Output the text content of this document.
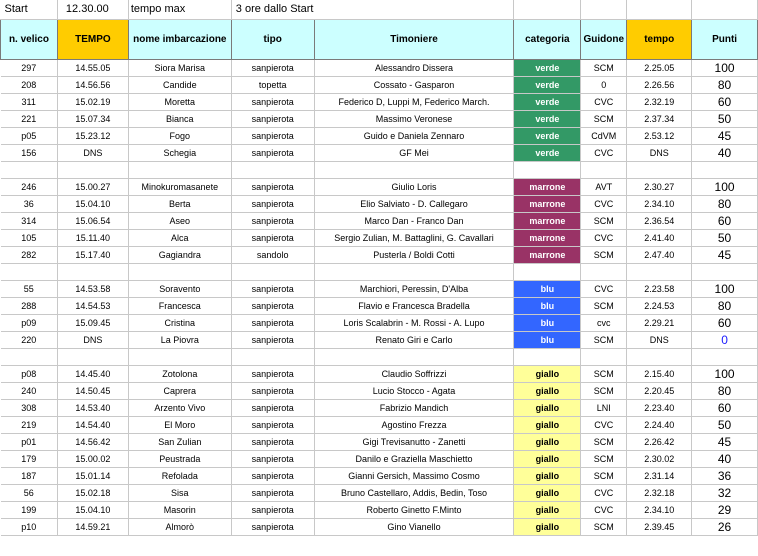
Start	12.30.00	tempo max	3 ore dallo Start					
n. velico	TEMPO	nome imbarcazione	tipo	Timoniere	categoria	Guidone	tempo	Punti
297	14.55.05	Siora Marisa	sanpierota	Alessandro Dissera	verde	SCM	2.25.05	100
208	14.56.56	Candide	topetta	Cossato - Gasparon	verde	0	2.26.56	80
311	15.02.19	Moretta	sanpierota	Federico D, Luppi M, Federico March.	verde	CVC	2.32.19	60
221	15.07.34	Bianca	sanpierota	Massimo Veronese	verde	SCM	2.37.34	50
p05	15.23.12	Fogo	sanpierota	Guido e Daniela Zennaro	verde	CdVM	2.53.12	45
156	DNS	Schegia	sanpierota	GF Mei	verde	CVC	DNS	40

246	15.00.27	Minokuromasanete	sanpierota	Giulio Loris	marrone	AVT	2.30.27	100
36	15.04.10	Berta	sanpierota	Elio Salviato - D. Callegaro	marrone	CVC	2.34.10	80
314	15.06.54	Aseo	sanpierota	Marco Dan - Franco Dan	marrone	SCM	2.36.54	60
105	15.11.40	Alca	sanpierota	Sergio Zulian, M. Battaglini, G. Cavallari	marrone	CVC	2.41.40	50
282	15.17.40	Gagiandra	sandolo	Pusterla / Boldi Cotti	marrone	SCM	2.47.40	45

55	14.53.58	Soravento	sanpierota	Marchiori, Peressin, D'Alba	blu	CVC	2.23.58	100
288	14.54.53	Francesca	sanpierota	Flavio e Francesca Bradella	blu	SCM	2.24.53	80
p09	15.09.45	Cristina	sanpierota	Loris Scalabrin - M. Rossi - A. Lupo	blu	cvc	2.29.21	60
220	DNS	La Piovra	sanpierota	Renato Giri e Carlo	blu	SCM	DNS	0

p08	14.45.40	Zotolona	sanpierota	Claudio Soffrizzi	giallo	SCM	2.15.40	100
240	14.50.45	Caprera	sanpierota	Lucio Stocco - Agata	giallo	SCM	2.20.45	80
308	14.53.40	Arzento Vivo	sanpierota	Fabrizio Mandich	giallo	LNI	2.23.40	60
219	14.54.40	El Moro	sanpierota	Agostino Frezza	giallo	CVC	2.24.40	50
p01	14.56.42	San Zulian	sanpierota	Gigi Trevisanutto - Zanetti	giallo	SCM	2.26.42	45
179	15.00.02	Peustrada	sanpierota	Danilo e Graziella Maschietto	giallo	SCM	2.30.02	40
187	15.01.14	Refolada	sanpierota	Gianni Gersich, Massimo Cosmo	giallo	SCM	2.31.14	36
56	15.02.18	Sisa	sanpierota	Bruno Castellaro, Addis, Bedin, Toso	giallo	CVC	2.32.18	32
199	15.04.10	Masorin	sanpierota	Roberto Ginetto F.Minto	giallo	CVC	2.34.10	29
p10	14.59.21	Almorò	sanpierota	Gino Vianello	giallo	SCM	2.39.45	26
